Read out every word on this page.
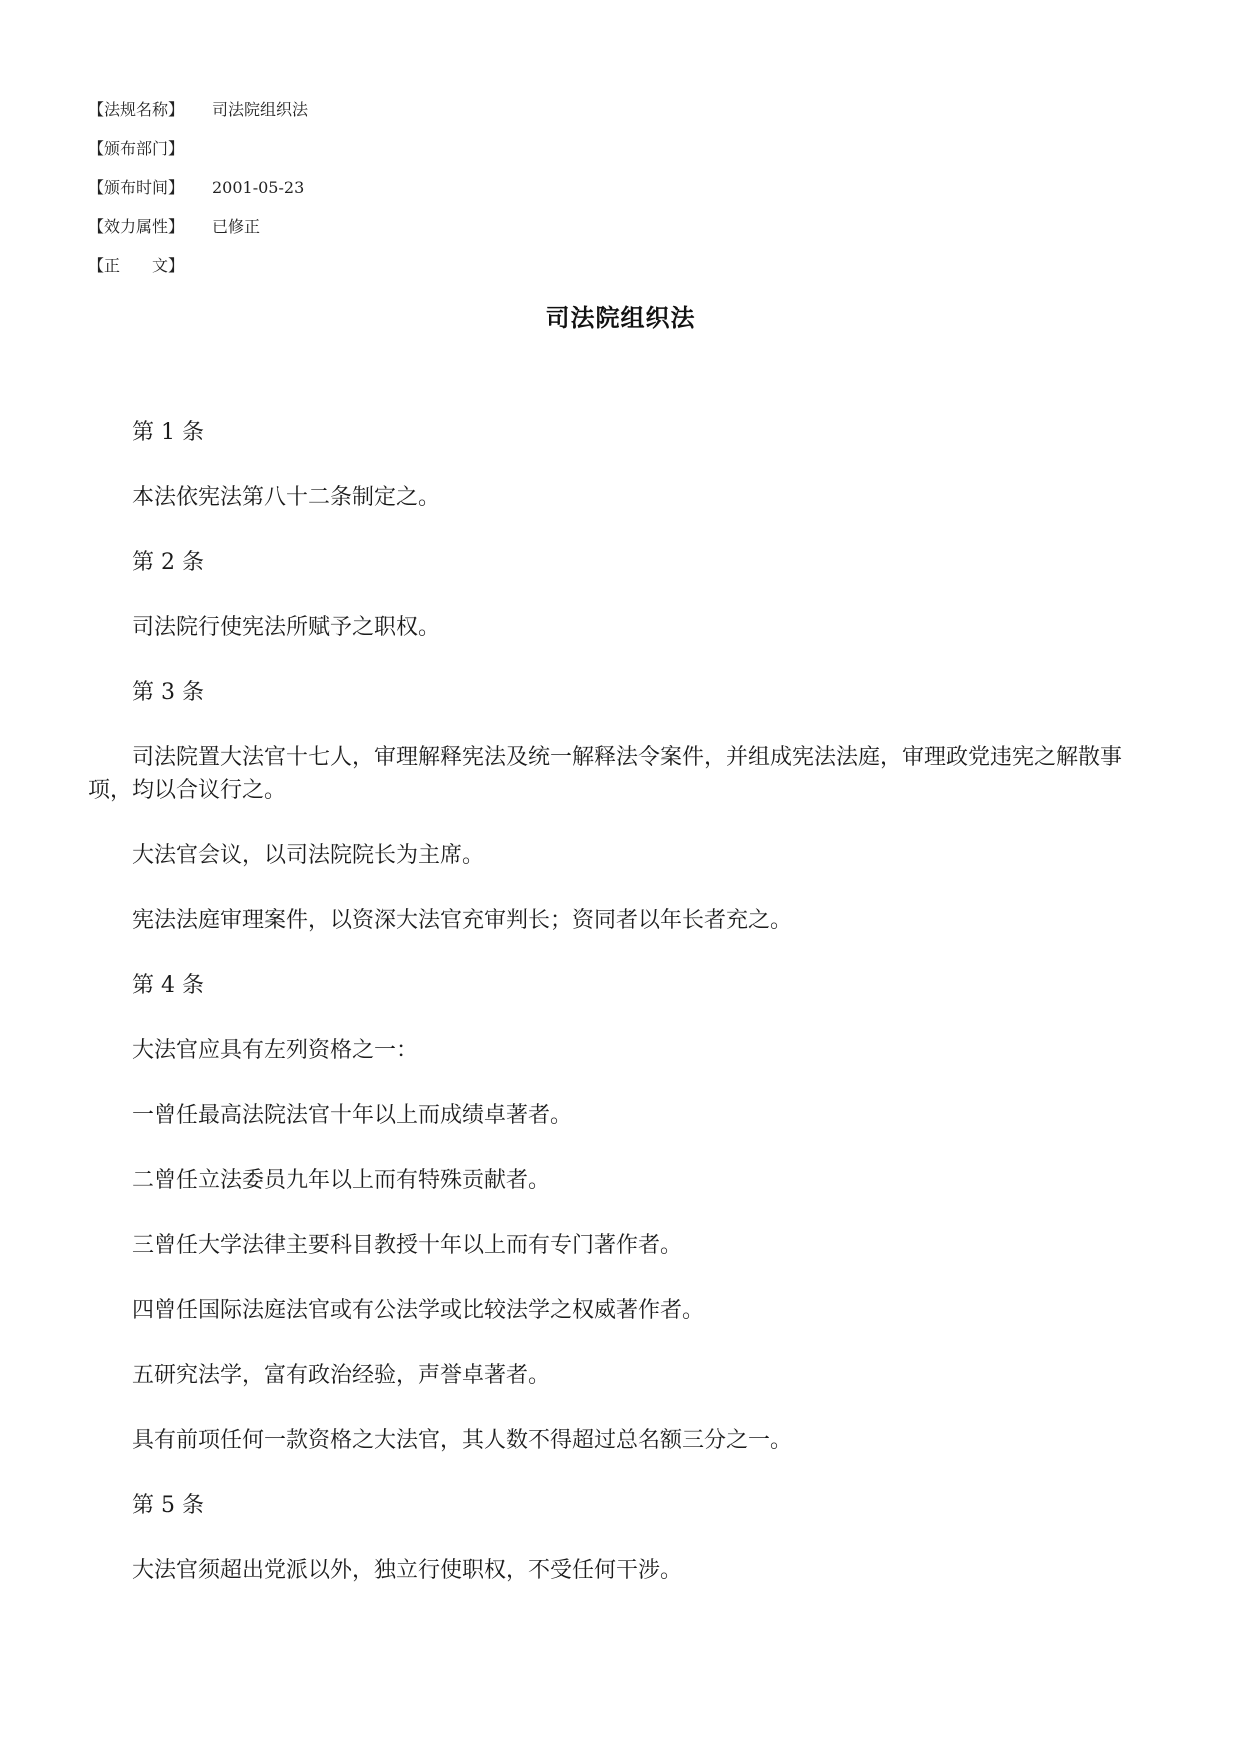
【法规名称】	司法院组织法
【颁布部门】
【颁布时间】	2001-05-23
【效力属性】	已修正
【正　　文】
司法院组织法
第 1 条
本法依宪法第八十二条制定之。
第 2 条
司法院行使宪法所赋予之职权。
第 3 条
司法院置大法官十七人，审理解释宪法及统一解释法令案件，并组成宪法法庭，审理政党违宪之解散事项，均以合议行之。
大法官会议，以司法院院长为主席。
宪法法庭审理案件，以资深大法官充审判长；资同者以年长者充之。
第 4 条
大法官应具有左列资格之一：
一曾任最高法院法官十年以上而成绩卓著者。
二曾任立法委员九年以上而有特殊贡献者。
三曾任大学法律主要科目教授十年以上而有专门著作者。
四曾任国际法庭法官或有公法学或比较法学之权威著作者。
五研究法学，富有政治经验，声誉卓著者。
具有前项任何一款资格之大法官，其人数不得超过总名额三分之一。
第 5 条
大法官须超出党派以外，独立行使职权，不受任何干涉。
